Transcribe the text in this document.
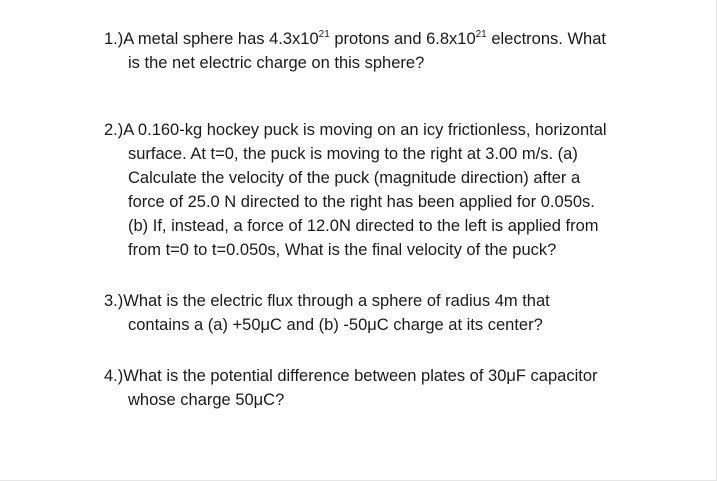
1.)A metal sphere has $4.3x10^{21}$ protons and $6.8x10^{21}$ electrons. What
is the net electric charge on this sphere?
2.)A 0.160-kg hockey puck is moving on an icy frictionless, horizontal
surface. At t=0, the puck is moving to the right at 3.00 m/s. (a)
Calculate the velocity of the puck (magnitude direction) after a
force of 25.0 N directed to the right has been applied for 0.050s.
(b) If, instead, a force of 12.0N directed to the left is applied from
from t=0 to t=0.050s, What is the final velocity of the puck?
3.)What is the electric flux through a sphere of radius 4m that
contains a (a) +50μC and (b) -50μC charge at its center?
4.)What is the potential difference between plates of 30μF capacitor
whose charge 50μC?
